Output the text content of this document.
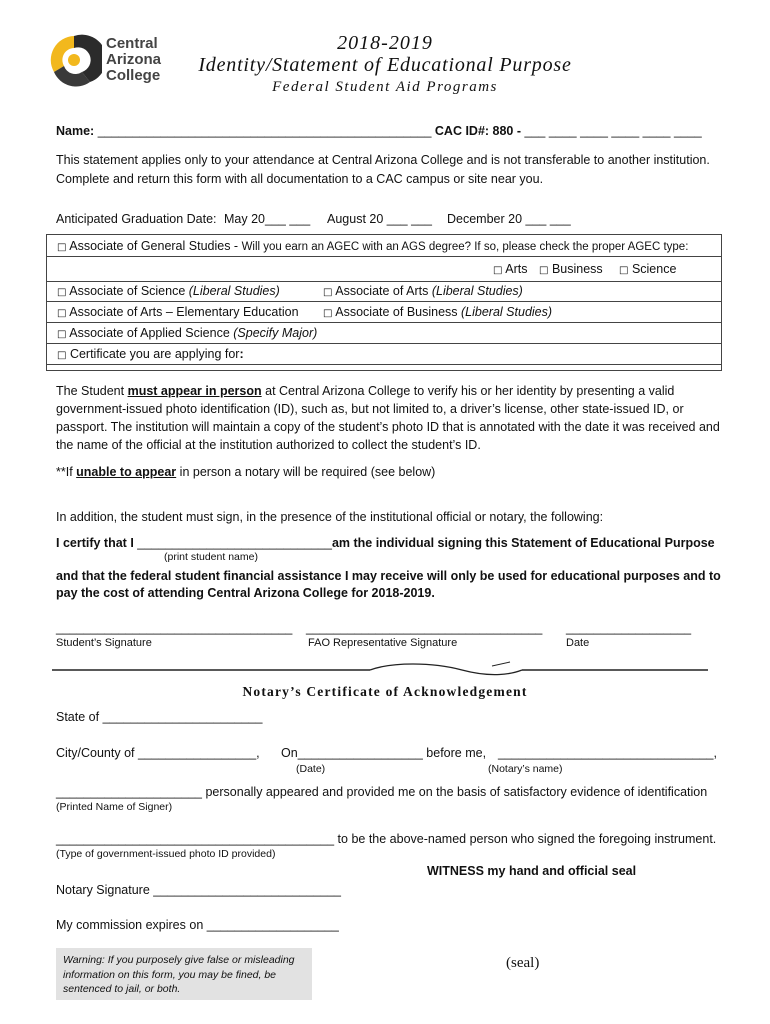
Central
Arizona
College
2018-2019
Identity/Statement of Educational Purpose
Federal Student Aid Programs
Name: ________________________________________________ CAC ID#: 880 - ___ ____ ____ ____ ____ ____
This statement applies only to your attendance at Central Arizona College and is not transferable to another institution.
Complete and return this form with all documentation to a CAC campus or site near you.
Anticipated Graduation Date: May 20___ ___ August 20 ___ ___ December 20 ___ ___
□ Associate of General Studies - Will you earn an AGEC with an AGS degree? If so, please check the proper AGEC type:
□ Arts □ Business □ Science
□ Associate of Science (Liberal Studies)	□ Associate of Arts (Liberal Studies)
□ Associate of Arts – Elementary Education □ Associate of Business (Liberal Studies)
□ Associate of Applied Science (Specify Major)
□ Certificate you are applying for:
The Student must appear in person at Central Arizona College to verify his or her identity by presenting a valid
government-issued photo identification (ID), such as, but not limited to, a driver’s license, other state-issued ID, or
passport. The institution will maintain a copy of the student’s photo ID that is annotated with the date it was received and
the name of the official at the institution authorized to collect the student’s ID.
**If unable to appear in person a notary will be required (see below)
In addition, the student must sign, in the presence of the institutional official or notary, the following:
I certify that I ____________________________am the individual signing this Statement of Educational Purpose
(print student name)
and that the federal student financial assistance I may receive will only be used for educational purposes and to
pay the cost of attending Central Arizona College for 2018-2019.
__________________________________ __________________________________ __________________
Student’s Signature	FAO Representative Signature	Date
Notary’s Certificate of Acknowledgement
State of _______________________
City/County of _________________, On__________________ before me, _______________________________,
(Date)	(Notary’s name)
_____________________ personally appeared and provided me on the basis of satisfactory evidence of identification
(Printed Name of Signer)
________________________________________ to be the above-named person who signed the foregoing instrument.
(Type of government-issued photo ID provided)
WITNESS my hand and official seal
Notary Signature ___________________________
My commission expires on ___________________
Warning: If you purposely give false or misleading
information on this form, you may be fined, be
sentenced to jail, or both.
(seal)
